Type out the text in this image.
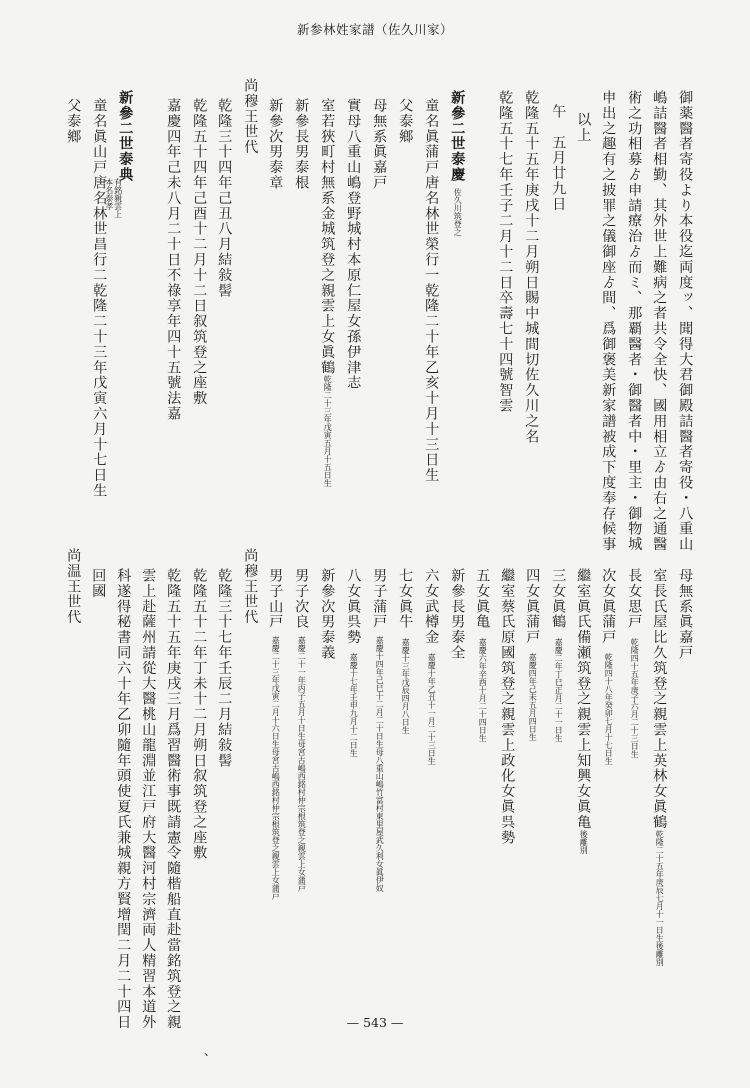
新参林姓家譜（佐久川家）
御薬醫者寄役より本役迄両度ッ、聞得大君御殿詰醫者寄役・八重山
嶋詰醫者相勤、其外世上難病之者共令全快、國用相立ゟ由右之通醫
術之功相募ゟ申請療治ゟ而ミ、那覇醫者・御醫者中・里主・御物城
申出之趣有之披罪之儀御座ゟ間、爲御褒美新家譜被成下度奉存候事
以上
午　五月廿九日
乾隆五十五年庚戌十二月朔日賜中城間切佐久川之名
乾隆五十七年壬子二月十二日卒壽七十四號智雲
新參二世泰慶佐久川筑登之
童名眞蒲戸唐名林世榮行一乾隆二十年乙亥十月十三日生
父泰鄉
母無系眞嘉戸
實母八重山嶋登野城村本原仁屋女孫伊津志
室若狹町村無系金城筑登之親雲上女眞鶴乾隆二十三年戊寅五月十五日生
新參長男泰根
新參次男泰章
尚穆王世代
乾隆三十四年己丑八月結敍髻
乾隆五十四年己酉十二月十二日叙筑登之座敷
嘉慶四年己未八月二十日不祿享年四十五號法嘉
新參二世泰典
有銘親雲上
本名泰孝
童名眞山戸唐名林世昌行二乾隆二十三年戊寅六月十七日生
父泰鄉
母無系眞嘉戸
室長氏屋比久筑登之親雲上英林女眞鶴乾隆二十五年庚辰七月十一日生後離別
長女思戸乾隆四十五年庚子六月二十三日生
次女眞蒲戸乾隆四十八年癸卯七月十七日生
繼室眞氏備瀬筑登之親雲上知興女眞亀後離別
三女眞鶴嘉慶二年丁巳正月二十一日生
四女眞蒲戸嘉慶四年己未五月四日生
繼室蔡氏原國筑登之親雲上政化女眞呉勢
五女眞亀嘉慶六年辛酉十月二十四日生
新參長男泰全
六女武樽金嘉慶十年乙丑十一月二十三日生
七女眞牛嘉慶十三年戊辰四月八日生
男子蒲戸嘉慶十四年己巳十二月二十日生母八重山嶋竹富村東里屋武久利女眞伊奴
八女眞呉勢嘉慶十七年壬申九月十二日生
新參次男泰義
男子次良嘉慶二十一年丙子五月十日生母宮古嶋西銘村仲宗根筑登之親雲上女蒲戸
男子山戸嘉慶二十三年戊寅二月十六日生母宮古嶋西銘村仲宗根筑登之親雲上女蒲戸
尚穆王世代
乾隆三十七年壬辰二月結敍髻
乾隆五十二年丁未十二月朔日叙筑登之座敷
乾隆五十五年庚戌三月爲習醫術事既請憲令隨楷船直赴當銘筑登之親
雲上赴薩州請從大醫桃山龍淵並江戸府大醫河村宗濟両人精習本道外
科遂得秘書同六十年乙卯隨年頭使夏氏兼城親方賢增閏二月二十四日
回國
尚温王世代
、
— 543 —
